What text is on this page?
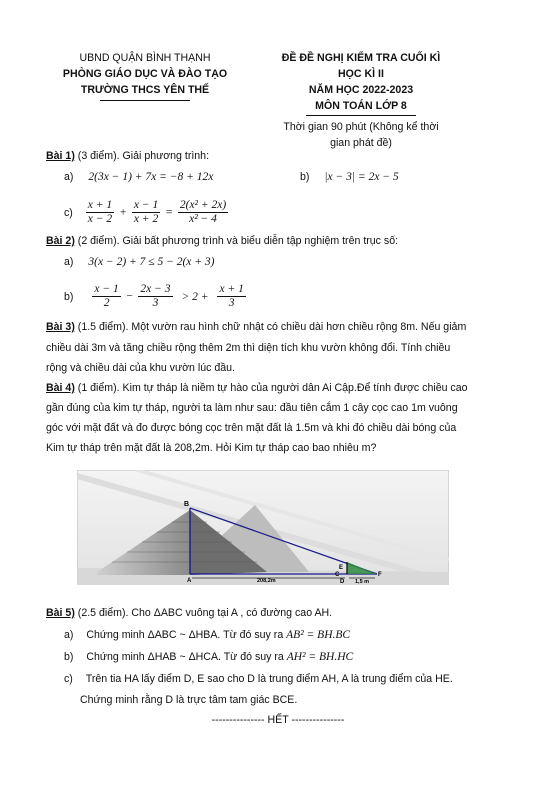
UBND QUẬN BÌNH THẠNH
PHÒNG GIÁO DỤC VÀ ĐÀO TẠO
TRƯỜNG THCS YÊN THẾ
ĐỀ ĐỀ NGHỊ KIỂM TRA CUỐI KÌ
HỌC KÌ II
NĂM HỌC 2022-2023
MÔN TOÁN LỚP 8
Thời gian 90 phút (Không kể thời
gian phát đề)
Bài 1) (3 điểm). Giải phương trình:
a) 2(3x − 1) + 7x = −8 + 12x	b) |x − 3| = 2x − 5
$c) \frac{x + 1}{x - 2} + \frac{x - 1}{x + 2} = \frac{\text{2(x² + 2x)}}{\text{x² − 4}}$
Bài 2) (2 điểm). Giải bất phương trình và biểu diễn tập nghiệm trên trục số:
a) 3(x − 2) + 7 ≤ 5 − 2(x + 3)
$b) \frac{x - 1}{2} - \frac{2x - 3}{3} > 2 + \frac{x + 1}{3}$
Bài 3) (1.5 điểm). Một vườn rau hình chữ nhật có chiều dài hơn chiều rộng 8m. Nếu giảm
chiều dài 3m và tăng chiều rộng thêm 2m thì diện tích khu vườn không đổi. Tính chiều
rộng và chiều dài của khu vườn lúc đầu.
Bài 4) (1 điểm). Kim tự tháp là niềm tự hào của người dân Ai Cập.Để tính được chiều cao
gần đúng của kim tự tháp, người ta làm như sau: đầu tiên cắm 1 cây cọc cao 1m vuông
góc với mặt đất và đo được bóng cọc trên mặt đất là 1.5m và khi đó chiều dài bóng của
Kim tự tháp trên mặt đất là 208,2m. Hỏi Kim tự tháp cao bao nhiêu m?
B
A	208,2m
E
C
D 1,5 m
F
Bài 5) (2.5 điểm). Cho ΔABC vuông tại A , có đường cao AH.
a) Chứng minh ΔABC ~ ΔHBA. Từ đó suy ra AB² = BH.BC
b) Chứng minh ΔHAB ~ ΔHCA. Từ đó suy ra AH² = BH.HC
c) Trên tia HA lấy điểm D, E sao cho D là trung điểm AH, A là trung điểm của HE.
Chứng minh rằng D là trực tâm tam giác BCE.
--------------- HẾT ---------------
